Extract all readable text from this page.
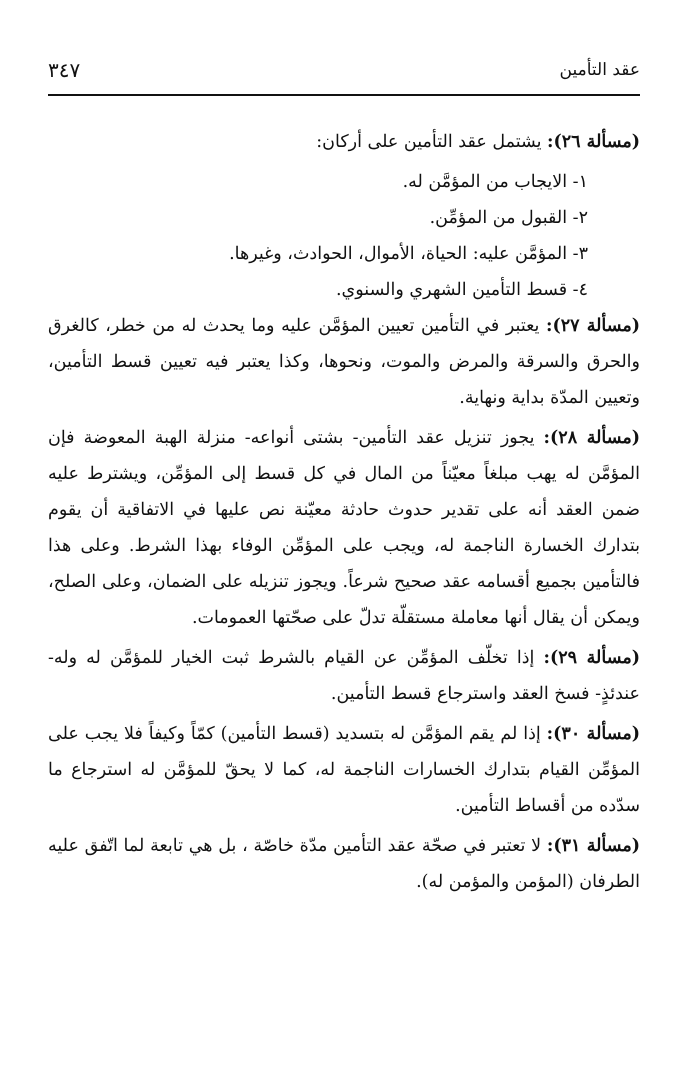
عقد التأمين
٣٤٧

(مسألة ٢٦): يشتمل عقد التأمين على أركان:

١- الايجاب من المؤمَّن له.
٢- القبول من المؤمِّن.
٣- المؤمَّن عليه: الحياة، الأموال، الحوادث، وغيرها.
٤- قسط التأمين الشهري والسنوي.

(مسألة ٢٧): يعتبر في التأمين تعيين المؤمَّن عليه وما يحدث له من خطر، كالغرق والحرق والسرقة والمرض والموت، ونحوها، وكذا يعتبر فيه تعيين قسط التأمين، وتعيين المدّة بداية ونهاية.

(مسألة ٢٨): يجوز تنزيل عقد التأمين- بشتى أنواعه- منزلة الهبة المعوضة فإن المؤمَّن له يهب مبلغاً معيّناً من المال في كل قسط إلى المؤمِّن، ويشترط عليه ضمن العقد أنه على تقدير حدوث حادثة معيّنة نص عليها في الاتفاقية أن يقوم بتدارك الخسارة الناجمة له، ويجب على المؤمِّن الوفاء بهذا الشرط. وعلى هذا فالتأمين بجميع أقسامه عقد صحيح شرعاً. ويجوز تنزيله على الضمان، وعلى الصلح، ويمكن أن يقال أنها معاملة مستقلّة تدلّ على صحّتها العمومات.

(مسألة ٢٩): إذا تخلّف المؤمِّن عن القيام بالشرط ثبت الخيار للمؤمَّن له وله- عندئذٍ- فسخ العقد واسترجاع قسط التأمين.

(مسألة ٣٠): إذا لم يقم المؤمَّن له بتسديد (قسط التأمين) كمّاً وكيفاً فلا يجب على المؤمِّن القيام بتدارك الخسارات الناجمة له، كما لا يحقّ للمؤمَّن له استرجاع ما سدّده من أقساط التأمين.

(مسألة ٣١): لا تعتبر في صحّة عقد التأمين مدّة خاصّة ، بل هي تابعة لما اتّفق عليه الطرفان (المؤمن والمؤمن له).
